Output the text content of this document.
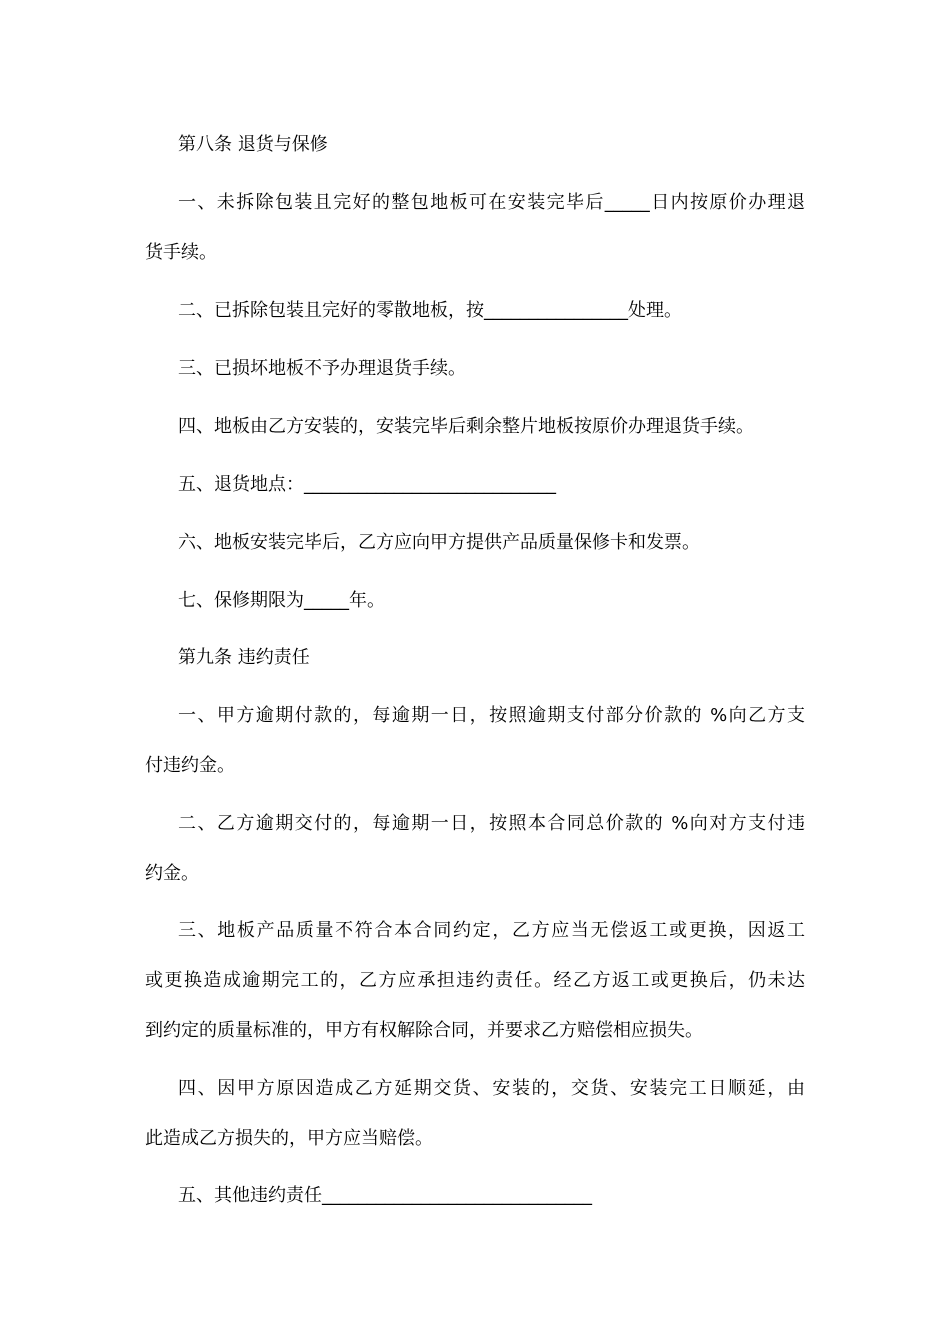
第八条 退货与保修
一、未拆除包装且完好的整包地板可在安装完毕后_____日内按原价办理退
货手续。
二、已拆除包装且完好的零散地板，按________________处理。
三、已损坏地板不予办理退货手续。
四、地板由乙方安装的，安装完毕后剩余整片地板按原价办理退货手续。
五、退货地点：____________________________
六、地板安装完毕后，乙方应向甲方提供产品质量保修卡和发票。
七、保修期限为_____年。
第九条 违约责任
一、甲方逾期付款的，每逾期一日，按照逾期支付部分价款的 %向乙方支
付违约金。
二、乙方逾期交付的，每逾期一日，按照本合同总价款的 %向对方支付违
约金。
三、地板产品质量不符合本合同约定，乙方应当无偿返工或更换，因返工
或更换造成逾期完工的，乙方应承担违约责任。经乙方返工或更换后，仍未达
到约定的质量标准的，甲方有权解除合同，并要求乙方赔偿相应损失。
四、因甲方原因造成乙方延期交货、安装的，交货、安装完工日顺延，由
此造成乙方损失的，甲方应当赔偿。
五、其他违约责任______________________________
